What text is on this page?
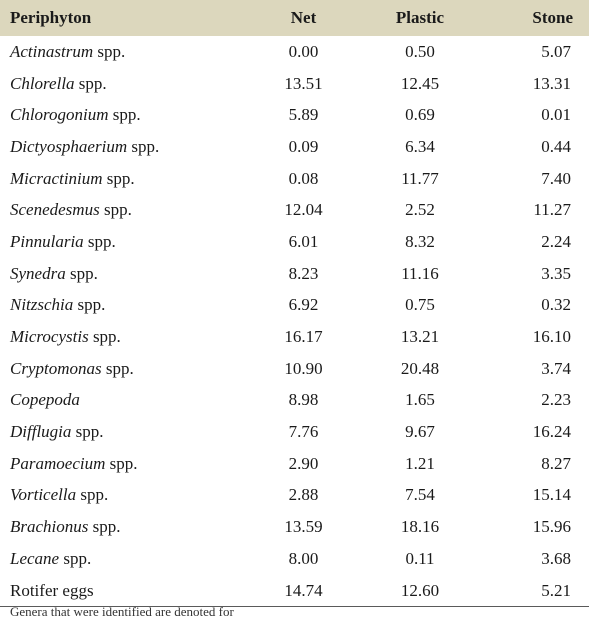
Periphyton	Net	Plastic	Stone
Actinastrum spp.	0.00	0.50	5.07
Chlorella spp.	13.51	12.45	13.31
Chlorogonium spp.	5.89	0.69	0.01
Dictyosphaerium spp.	0.09	6.34	0.44
Micractinium spp.	0.08	11.77	7.40
Scenedesmus spp.	12.04	2.52	11.27
Pinnularia spp.	6.01	8.32	2.24
Synedra spp.	8.23	11.16	3.35
Nitzschia spp.	6.92	0.75	0.32
Microcystis spp.	16.17	13.21	16.10
Cryptomonas spp.	10.90	20.48	3.74
Copepoda	8.98	1.65	2.23
Difflugia spp.	7.76	9.67	16.24
Paramoecium spp.	2.90	1.21	8.27
Vorticella spp.	2.88	7.54	15.14
Brachionus spp.	13.59	18.16	15.96
Lecane spp.	8.00	0.11	3.68
Rotifer eggs	14.74	12.60	5.21
Genera that were identified are denoted for
